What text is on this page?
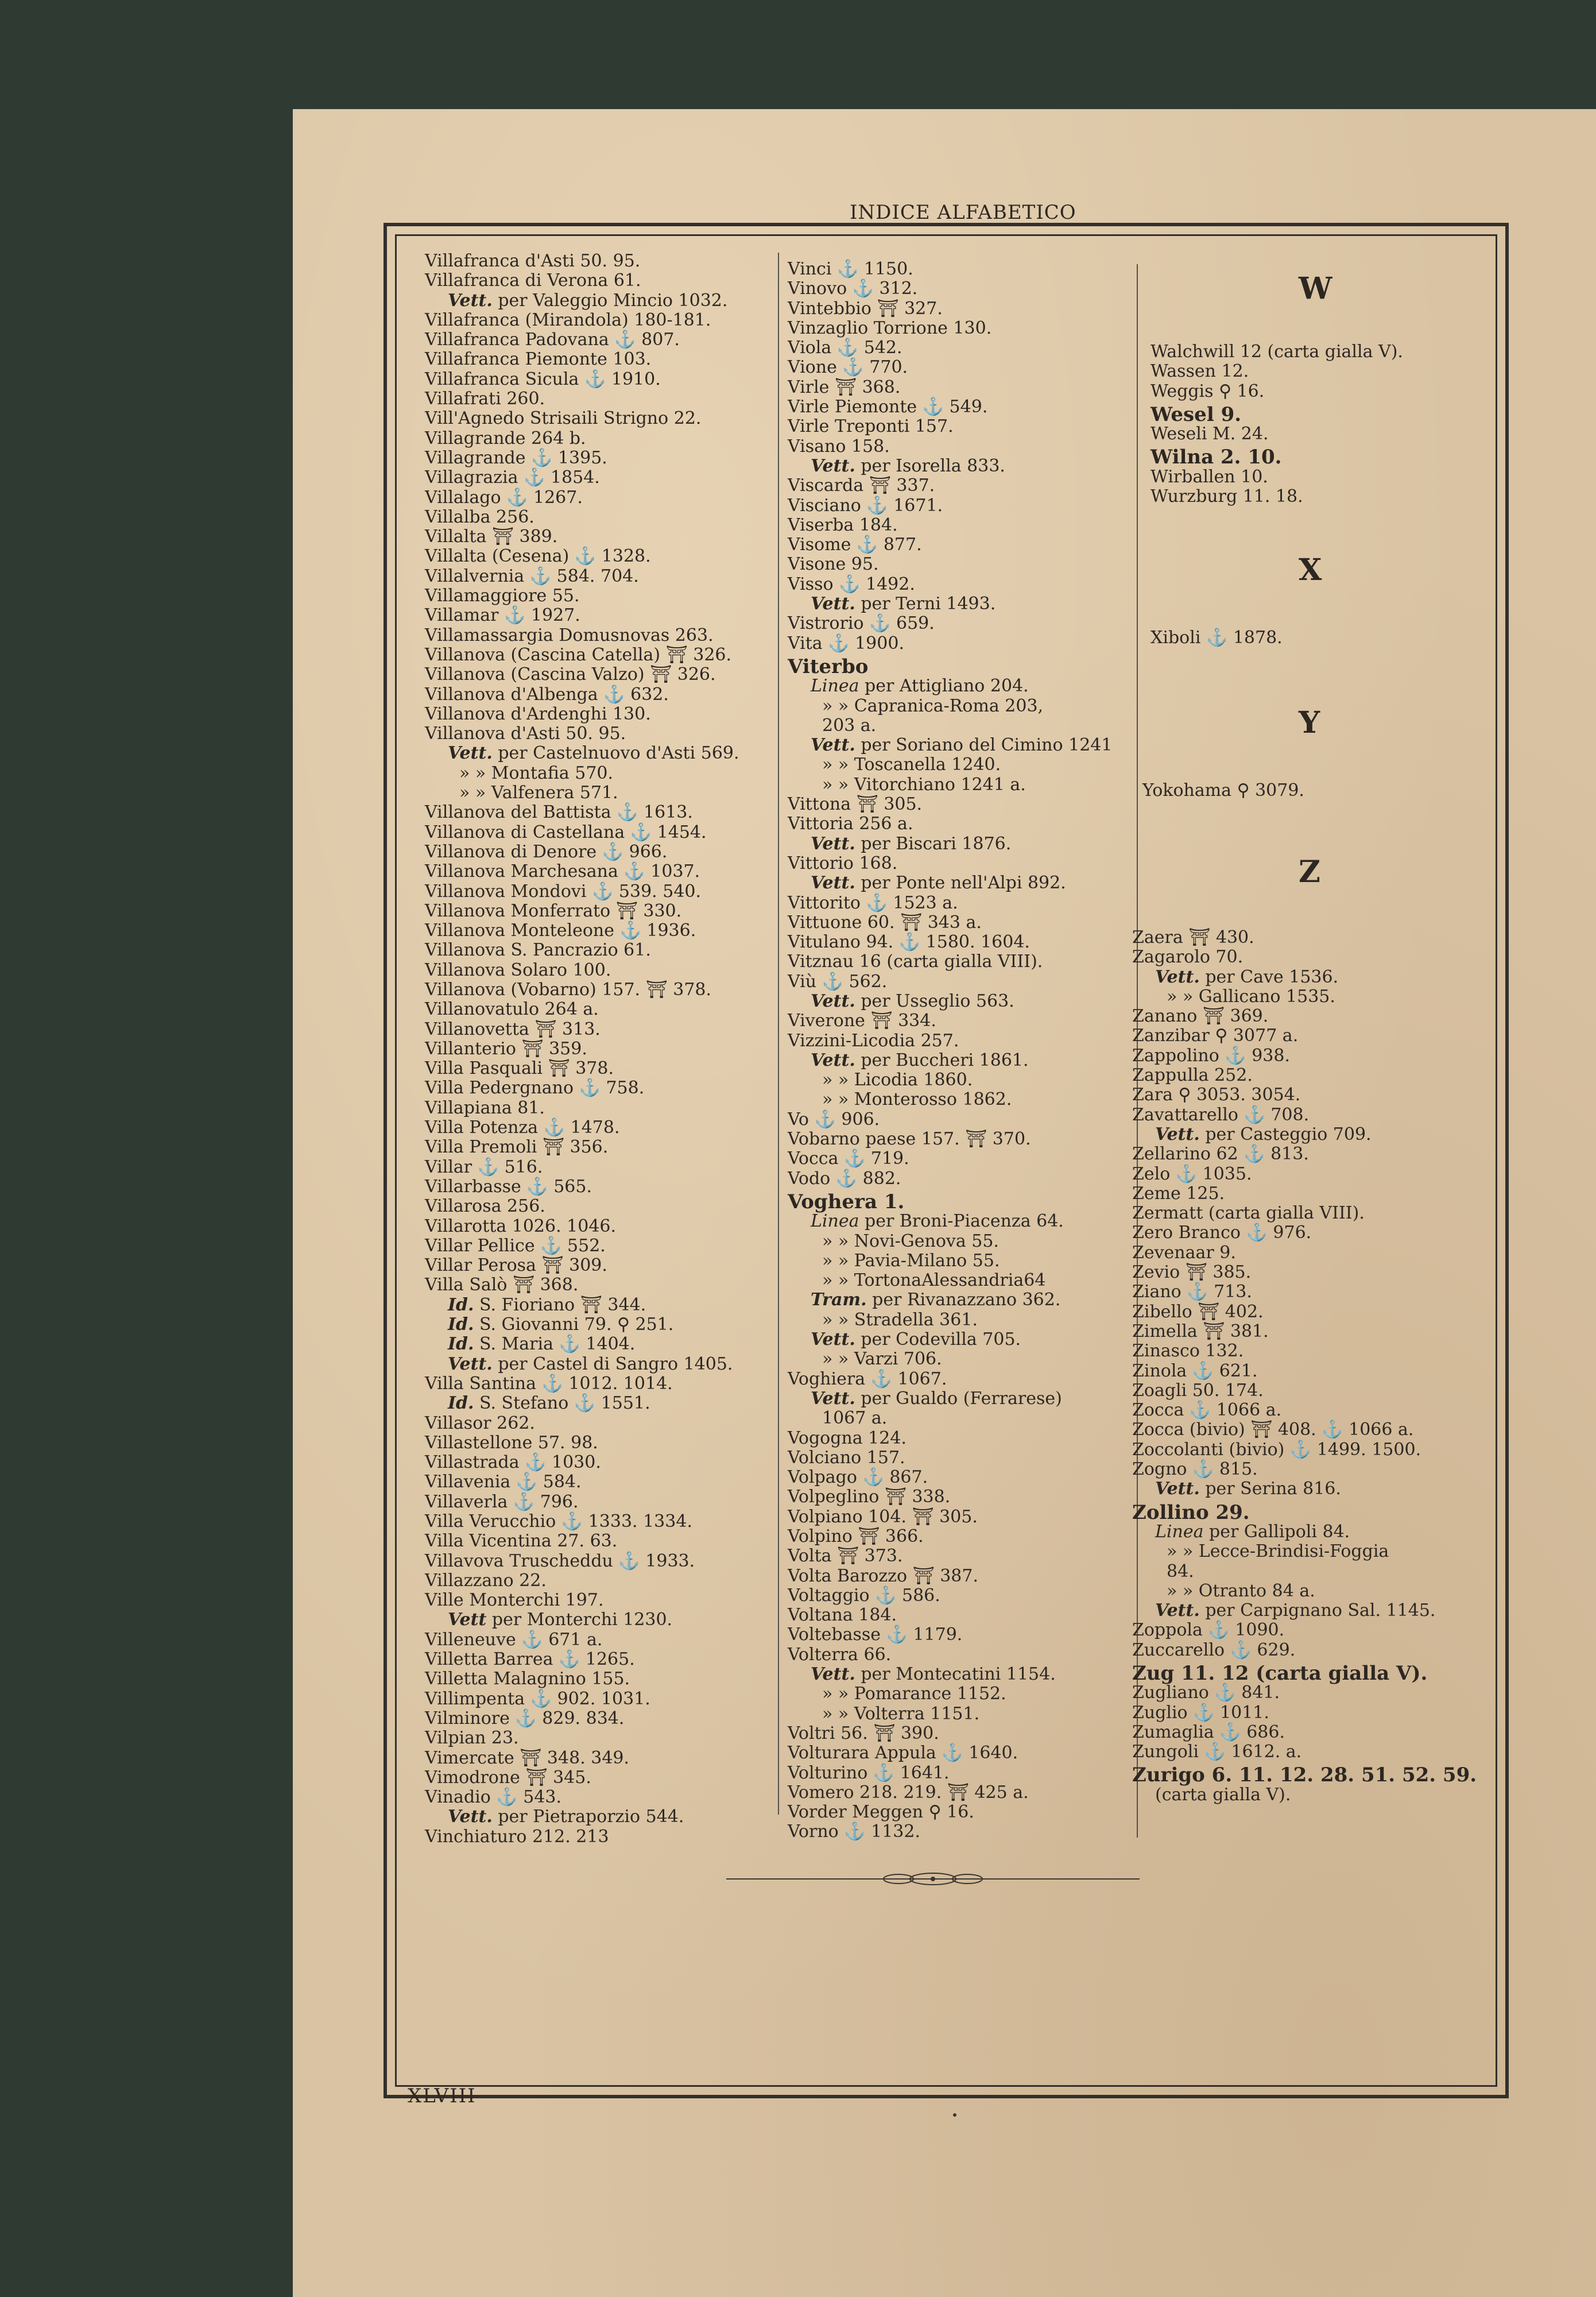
INDICE ALFABETICO
Villafranca d'Asti 50. 95.
Villafranca di Verona 61.
Vett. per Valeggio Mincio 1032.
Villafranca (Mirandola) 180-181.
Villafranca Padovana ⚓ 807.
Villafranca Piemonte 103.
Villafranca Sicula ⚓ 1910.
Villafrati 260.
Vill'Agnedo Strisaili Strigno 22.
Villagrande 264 b.
Villagrande ⚓ 1395.
Villagrazia ⚓ 1854.
Villalago ⚓ 1267.
Villalba 256.
Villalta ⛩ 389.
Villalta (Cesena) ⚓ 1328.
Villalvernia ⚓ 584. 704.
Villamaggiore 55.
Villamar ⚓ 1927.
Villamassargia Domusnovas 263.
Villanova (Cascina Catella) ⛩ 326.
Villanova (Cascina Valzo) ⛩ 326.
Villanova d'Albenga ⚓ 632.
Villanova d'Ardenghi 130.
Villanova d'Asti 50. 95.
Vett. per Castelnuovo d'Asti 569.
» » Montafia 570.
» » Valfenera 571.
Villanova del Battista ⚓ 1613.
Villanova di Castellana ⚓ 1454.
Villanova di Denore ⚓ 966.
Villanova Marchesana ⚓ 1037.
Villanova Mondovi ⚓ 539. 540.
Villanova Monferrato ⛩ 330.
Villanova Monteleone ⚓ 1936.
Villanova S. Pancrazio 61.
Villanova Solaro 100.
Villanova (Vobarno) 157. ⛩ 378.
Villanovatulo 264 a.
Villanovetta ⛩ 313.
Villanterio ⛩ 359.
Villa Pasquali ⛩ 378.
Villa Pedergnano ⚓ 758.
Villapiana 81.
Villa Potenza ⚓ 1478.
Villa Premoli ⛩ 356.
Villar ⚓ 516.
Villarbasse ⚓ 565.
Villarosa 256.
Villarotta 1026. 1046.
Villar Pellice ⚓ 552.
Villar Perosa ⛩ 309.
Villa Salò ⛩ 368.
Id. S. Fioriano ⛩ 344.
Id. S. Giovanni 79. ⚲ 251.
Id. S. Maria ⚓ 1404.
Vett. per Castel di Sangro 1405.
Villa Santina ⚓ 1012. 1014.
Id. S. Stefano ⚓ 1551.
Villasor 262.
Villastellone 57. 98.
Villastrada ⚓ 1030.
Villavenia ⚓ 584.
Villaverla ⚓ 796.
Villa Verucchio ⚓ 1333. 1334.
Villa Vicentina 27. 63.
Villavova Truscheddu ⚓ 1933.
Villazzano 22.
Ville Monterchi 197.
Vett per Monterchi 1230.
Villeneuve ⚓ 671 a.
Villetta Barrea ⚓ 1265.
Villetta Malagnino 155.
Villimpenta ⚓ 902. 1031.
Vilminore ⚓ 829. 834.
Vilpian 23.
Vimercate ⛩ 348. 349.
Vimodrone ⛩ 345.
Vinadio ⚓ 543.
Vett. per Pietraporzio 544.
Vinchiaturo 212. 213
Vinci ⚓ 1150.
Vinovo ⚓ 312.
Vintebbio ⛩ 327.
Vinzaglio Torrione 130.
Viola ⚓ 542.
Vione ⚓ 770.
Virle ⛩ 368.
Virle Piemonte ⚓ 549.
Virle Treponti 157.
Visano 158.
Vett. per Isorella 833.
Viscarda ⛩ 337.
Visciano ⚓ 1671.
Viserba 184.
Visome ⚓ 877.
Visone 95.
Visso ⚓ 1492.
Vett. per Terni 1493.
Vistrorio ⚓ 659.
Vita ⚓ 1900.
Viterbo
Linea per Attigliano 204.
» » Capranica-Roma 203,
203 a.
Vett. per Soriano del Cimino 1241
» » Toscanella 1240.
» » Vitorchiano 1241 a.
Vittona ⛩ 305.
Vittoria 256 a.
Vett. per Biscari 1876.
Vittorio 168.
Vett. per Ponte nell'Alpi 892.
Vittorito ⚓ 1523 a.
Vittuone 60. ⛩ 343 a.
Vitulano 94. ⚓ 1580. 1604.
Vitznau 16 (carta gialla VIII).
Viù ⚓ 562.
Vett. per Usseglio 563.
Viverone ⛩ 334.
Vizzini-Licodia 257.
Vett. per Buccheri 1861.
» » Licodia 1860.
» » Monterosso 1862.
Vo ⚓ 906.
Vobarno paese 157. ⛩ 370.
Vocca ⚓ 719.
Vodo ⚓ 882.
Voghera 1.
Linea per Broni-Piacenza 64.
» » Novi-Genova 55.
» » Pavia-Milano 55.
» » TortonaAlessandria64
Tram. per Rivanazzano 362.
» » Stradella 361.
Vett. per Codevilla 705.
» » Varzi 706.
Voghiera ⚓ 1067.
Vett. per Gualdo (Ferrarese)
1067 a.
Vogogna 124.
Volciano 157.
Volpago ⚓ 867.
Volpeglino ⛩ 338.
Volpiano 104. ⛩ 305.
Volpino ⛩ 366.
Volta ⛩ 373.
Volta Barozzo ⛩ 387.
Voltaggio ⚓ 586.
Voltana 184.
Voltebasse ⚓ 1179.
Volterra 66.
Vett. per Montecatini 1154.
» » Pomarance 1152.
» » Volterra 1151.
Voltri 56. ⛩ 390.
Volturara Appula ⚓ 1640.
Volturino ⚓ 1641.
Vomero 218. 219. ⛩ 425 a.
Vorder Meggen ⚲ 16.
Vorno ⚓ 1132.
W
Walchwill 12 (carta gialla V).
Wassen 12.
Weggis ⚲ 16.
Wesel 9.
Weseli M. 24.
Wilna 2. 10.
Wirballen 10.
Wurzburg 11. 18.
X
Xiboli ⚓ 1878.
Y
Yokohama ⚲ 3079.
Z
Zaera ⛩ 430.
Zagarolo 70.
Vett. per Cave 1536.
» » Gallicano 1535.
Zanano ⛩ 369.
Zanzibar ⚲ 3077 a.
Zappolino ⚓ 938.
Zappulla 252.
Zara ⚲ 3053. 3054.
Zavattarello ⚓ 708.
Vett. per Casteggio 709.
Zellarino 62 ⚓ 813.
Zelo ⚓ 1035.
Zeme 125.
Zermatt (carta gialla VIII).
Zero Branco ⚓ 976.
Zevenaar 9.
Zevio ⛩ 385.
Ziano ⚓ 713.
Zibello ⛩ 402.
Zimella ⛩ 381.
Zinasco 132.
Zinola ⚓ 621.
Zoagli 50. 174.
Zocca ⚓ 1066 a.
Zocca (bivio) ⛩ 408. ⚓ 1066 a.
Zoccolanti (bivio) ⚓ 1499. 1500.
Zogno ⚓ 815.
Vett. per Serina 816.
Zollino 29.
Linea per Gallipoli 84.
» » Lecce-Brindisi-Foggia
84.
» » Otranto 84 a.
Vett. per Carpignano Sal. 1145.
Zoppola ⚓ 1090.
Zuccarello ⚓ 629.
Zug 11. 12 (carta gialla V).
Zugliano ⚓ 841.
Zuglio ⚓ 1011.
Zumaglia ⚓ 686.
Zungoli ⚓ 1612. a.
Zurigo 6. 11. 12. 28. 51. 52. 59.
(carta gialla V).
XLVIII
